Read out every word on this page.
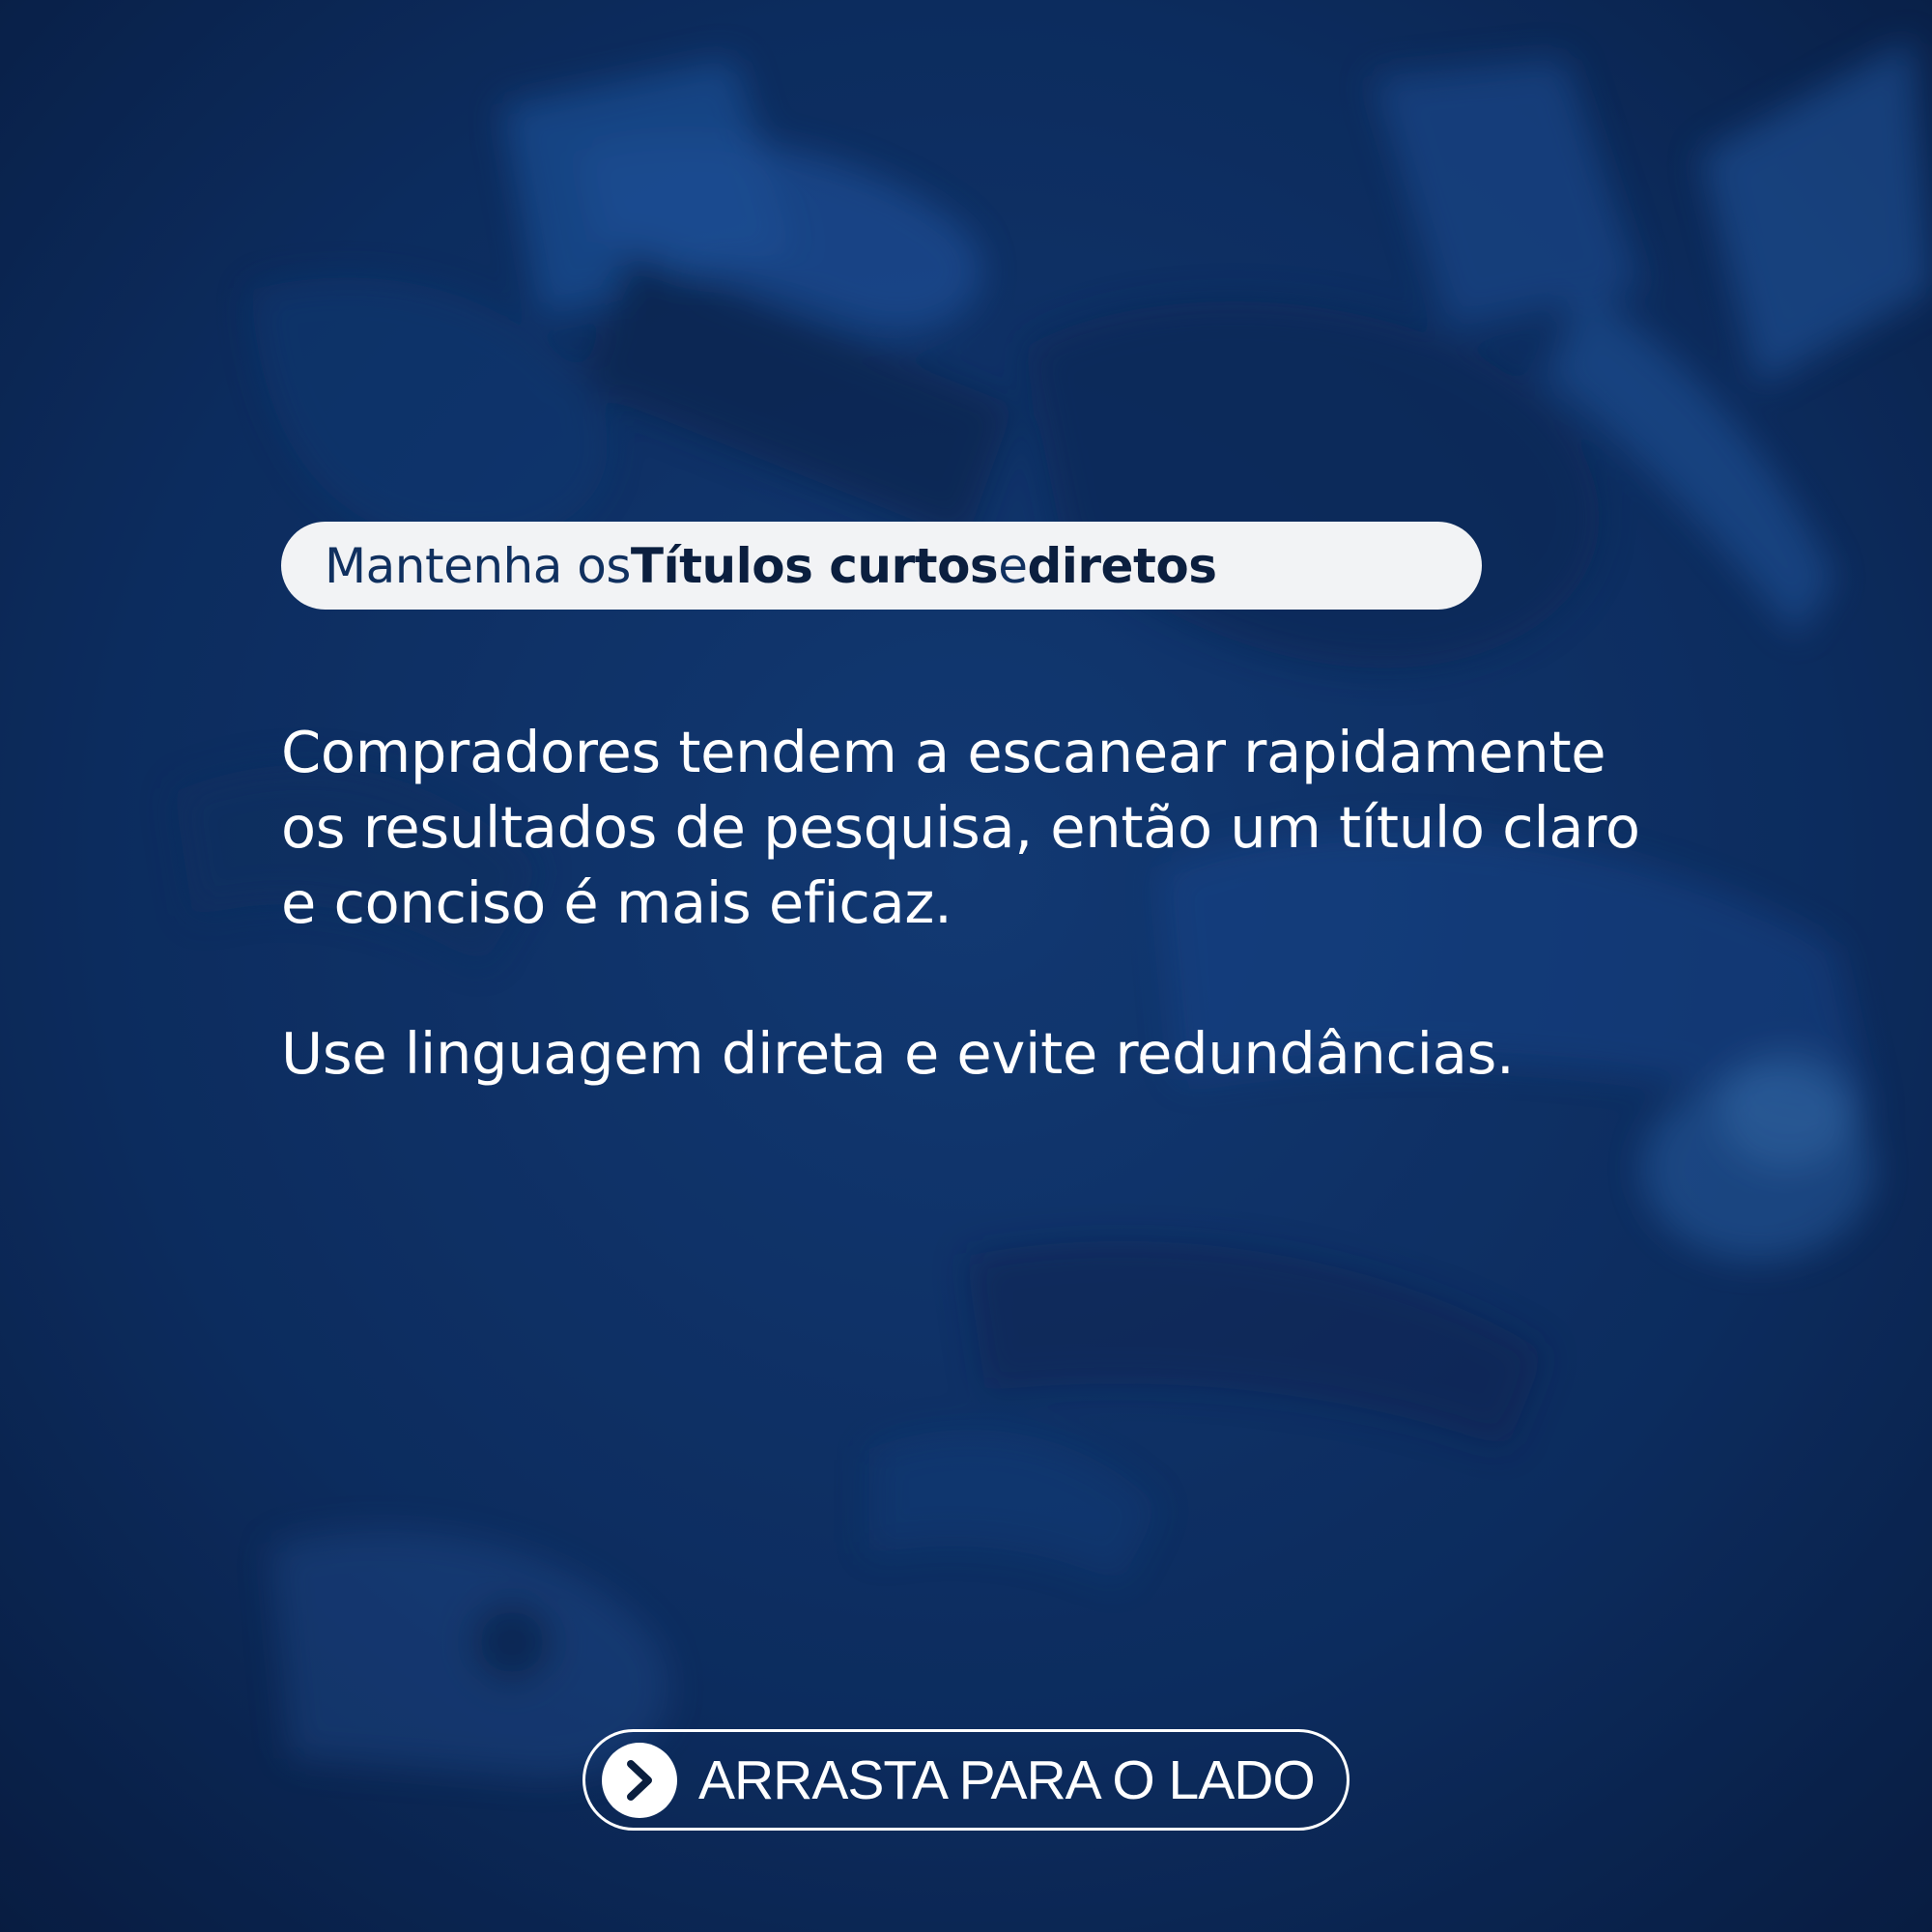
Mantenha os Títulos curtos e diretos

Compradores tendem a escanear rapidamente os resultados de pesquisa, então um título claro e conciso é mais eficaz.

Use linguagem direta e evite redundâncias.

ARRASTA PARA O LADO
